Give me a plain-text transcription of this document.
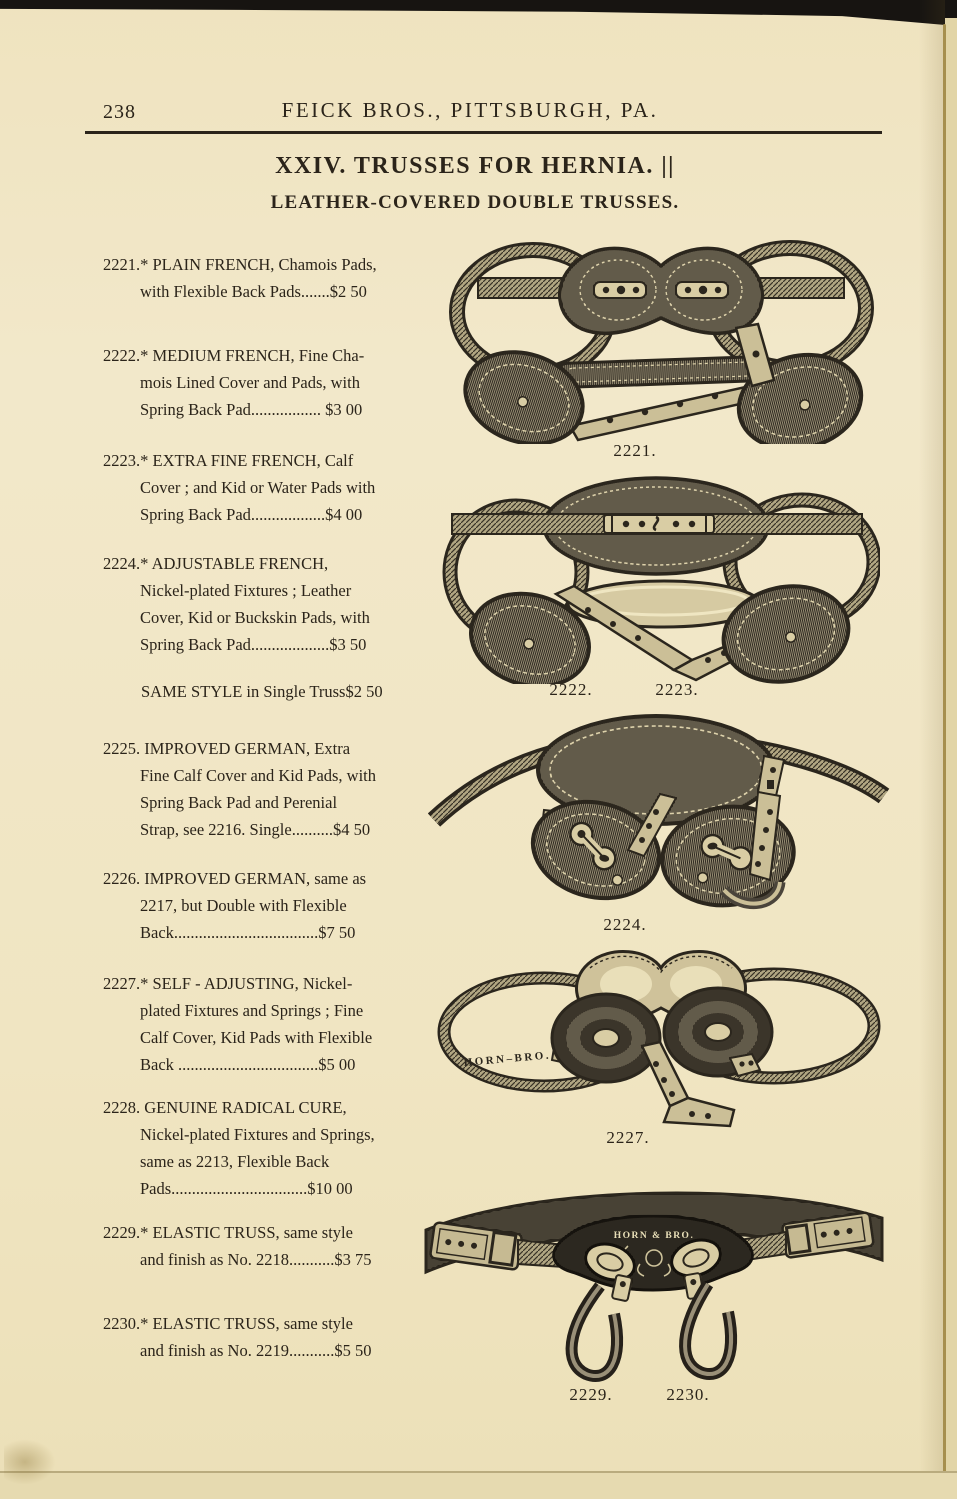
238	FEICK BROS., PITTSBURGH, PA.
XXIV. TRUSSES FOR HERNIA. ||
LEATHER-COVERED DOUBLE TRUSSES.
2221.* PLAIN FRENCH, Chamois Pads,
with Flexible Back Pads.......$2 50
2222.* MEDIUM FRENCH, Fine Cha-
mois Lined Cover and Pads, with
Spring Back Pad................. $3 00
2223.* EXTRA FINE FRENCH, Calf
Cover ; and Kid or Water Pads with
Spring Back Pad..................$4 00
2224.* ADJUSTABLE FRENCH,
Nickel-plated Fixtures ; Leather
Cover, Kid or Buckskin Pads, with
Spring Back Pad...................$3 50
SAME STYLE in Single Truss$2 50
2225. IMPROVED GERMAN, Extra
Fine Calf Cover and Kid Pads, with
Spring Back Pad and Perenial
Strap, see 2216. Single..........$4 50
2226. IMPROVED GERMAN, same as
2217, but Double with Flexible
Back...................................$7 50
2227.* SELF - ADJUSTING, Nickel-
plated Fixtures and Springs ; Fine
Calf Cover, Kid Pads with Flexible
Back ..................................$5 00
2228. GENUINE RADICAL CURE,
Nickel-plated Fixtures and Springs,
same as 2213, Flexible Back
Pads.................................$10 00
2229.* ELASTIC TRUSS, same style
and finish as No. 2218...........$3 75
2230.* ELASTIC TRUSS, same style
and finish as No. 2219...........$5 50
2221.
2222.	2223.
2224.
HORN–BRO.
2227.
HORN & BRO.
2229.	2230.
